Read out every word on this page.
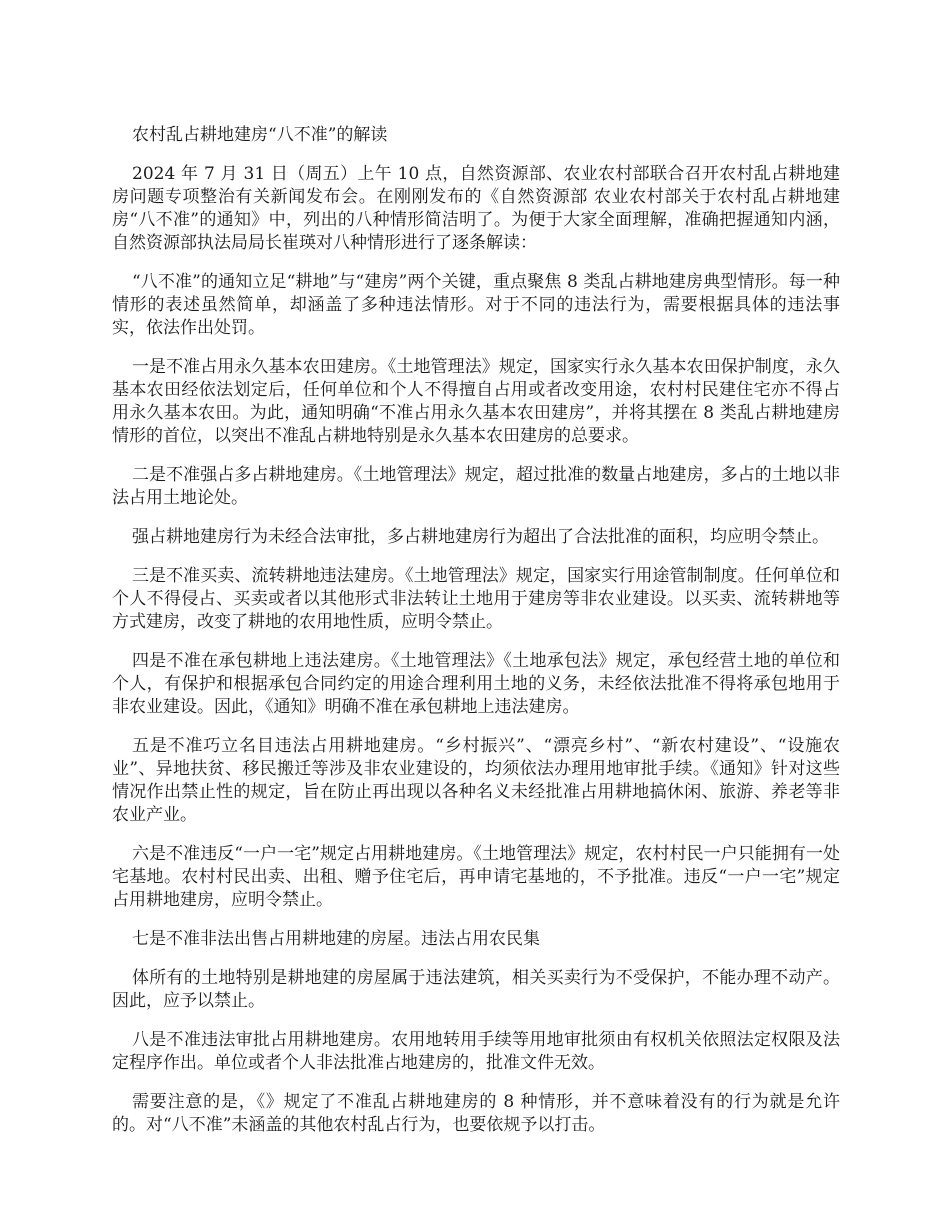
农村乱占耕地建房“八不准”的解读

2024 年 7 月 31 日（周五）上午 10 点，自然资源部、农业农村部联合召开农村乱占耕地建房问题专项整治有关新闻发布会。在刚刚发布的《自然资源部 农业农村部关于农村乱占耕地建房“八不准”的通知》中，列出的八种情形简洁明了。为便于大家全面理解，准确把握通知内涵，自然资源部执法局局长崔瑛对八种情形进行了逐条解读：

“八不准”的通知立足“耕地”与“建房”两个关键，重点聚焦 8 类乱占耕地建房典型情形。每一种情形的表述虽然简单，却涵盖了多种违法情形。对于不同的违法行为，需要根据具体的违法事实，依法作出处罚。

一是不准占用永久基本农田建房。《土地管理法》规定，国家实行永久基本农田保护制度，永久基本农田经依法划定后，任何单位和个人不得擅自占用或者改变用途，农村村民建住宅亦不得占用永久基本农田。为此，通知明确“不准占用永久基本农田建房”，并将其摆在 8 类乱占耕地建房情形的首位，以突出不准乱占耕地特别是永久基本农田建房的总要求。

二是不准强占多占耕地建房。《土地管理法》规定，超过批准的数量占地建房，多占的土地以非法占用土地论处。

强占耕地建房行为未经合法审批，多占耕地建房行为超出了合法批准的面积，均应明令禁止。

三是不准买卖、流转耕地违法建房。《土地管理法》规定，国家实行用途管制制度。任何单位和个人不得侵占、买卖或者以其他形式非法转让土地用于建房等非农业建设。以买卖、流转耕地等方式建房，改变了耕地的农用地性质，应明令禁止。

四是不准在承包耕地上违法建房。《土地管理法》《土地承包法》规定，承包经营土地的单位和个人，有保护和根据承包合同约定的用途合理利用土地的义务，未经依法批准不得将承包地用于非农业建设。因此，《通知》明确不准在承包耕地上违法建房。

五是不准巧立名目违法占用耕地建房。“乡村振兴”、“漂亮乡村”、“新农村建设”、“设施农业”、异地扶贫、移民搬迁等涉及非农业建设的，均须依法办理用地审批手续。《通知》针对这些情况作出禁止性的规定，旨在防止再出现以各种名义未经批准占用耕地搞休闲、旅游、养老等非农业产业。

六是不准违反“一户一宅”规定占用耕地建房。《土地管理法》规定，农村村民一户只能拥有一处宅基地。农村村民出卖、出租、赠予住宅后，再申请宅基地的，不予批准。违反“一户一宅”规定占用耕地建房，应明令禁止。

七是不准非法出售占用耕地建的房屋。违法占用农民集

体所有的土地特别是耕地建的房屋属于违法建筑，相关买卖行为不受保护，不能办理不动产。因此，应予以禁止。

八是不准违法审批占用耕地建房。农用地转用手续等用地审批须由有权机关依照法定权限及法定程序作出。单位或者个人非法批准占地建房的，批准文件无效。

需要注意的是，《》规定了不准乱占耕地建房的 8 种情形，并不意味着没有的行为就是允许的。对“八不准”未涵盖的其他农村乱占行为，也要依规予以打击。
